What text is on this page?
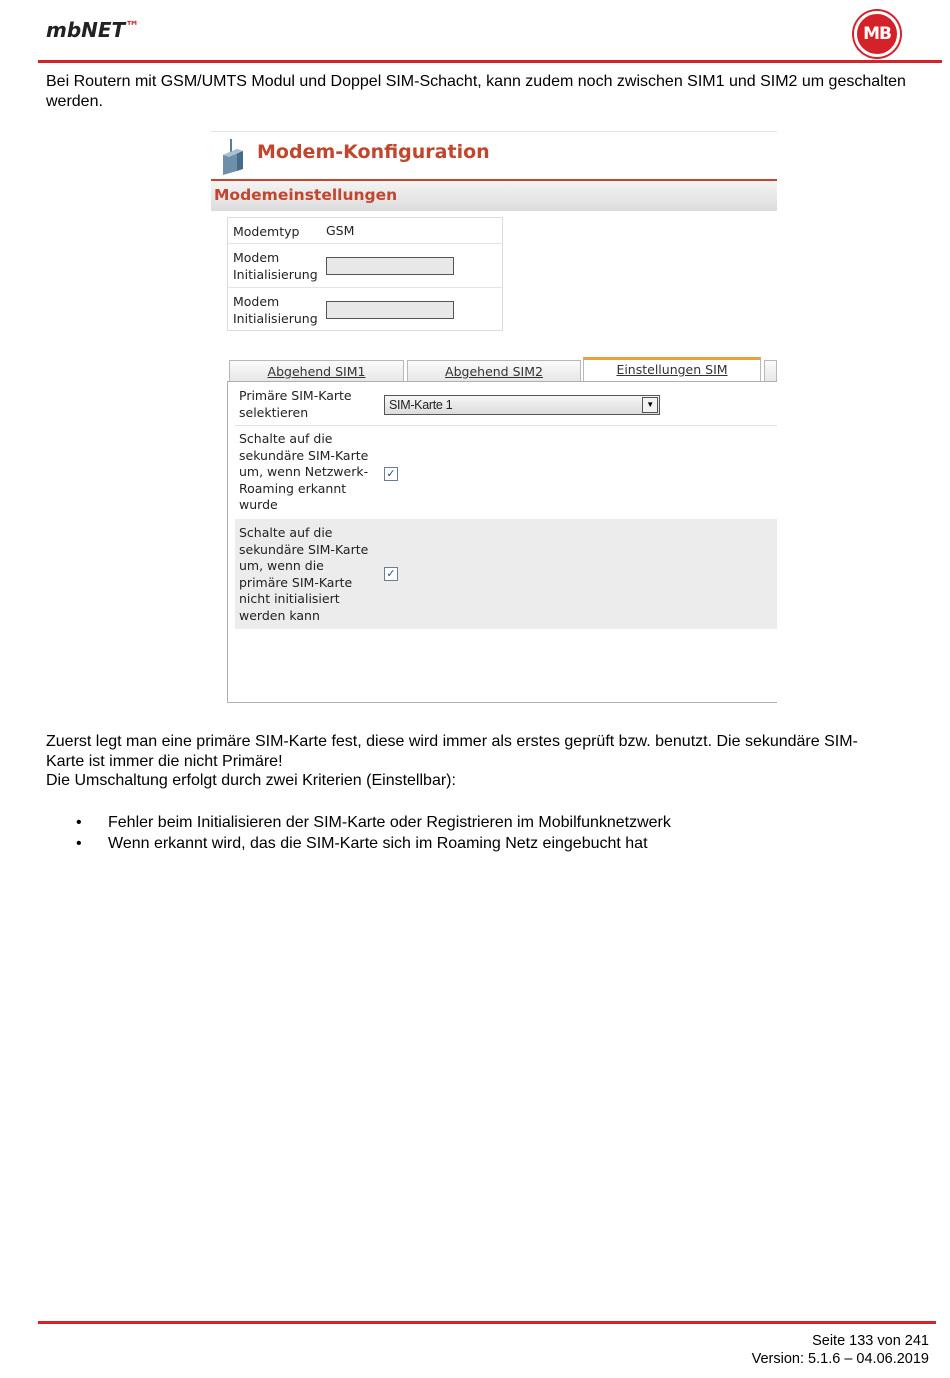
mbNET™	MB

Bei Routern mit GSM/UMTS Modul und Doppel SIM-Schacht, kann zudem noch zwischen SIM1 und SIM2 um geschalten werden.

Modem-Konfiguration
Modemeinstellungen
Modemtyp GSM
Modem
Initialisierung
Modem
Initialisierung
Abgehend SIM1	Abgehend SIM2	Einstellungen SIM
Primäre SIM-Karte
selektieren	SIM-Karte 1	▼
Schalte auf die
sekundäre SIM-Karte
um, wenn Netzwerk-
Roaming erkannt
wurde
✓
Schalte auf die
sekundäre SIM-Karte
um, wenn die
primäre SIM-Karte
nicht initialisiert
werden kann
✓

Zuerst legt man eine primäre SIM-Karte fest, diese wird immer als erstes geprüft bzw. benutzt. Die sekundäre SIM-
Karte ist immer die nicht Primäre!
Die Umschaltung erfolgt durch zwei Kriterien (Einstellbar):

• Fehler beim Initialisieren der SIM-Karte oder Registrieren im Mobilfunknetzwerk
• Wenn erkannt wird, das die SIM-Karte sich im Roaming Netz eingebucht hat
Seite 133 von 241
Version: 5.1.6 – 04.06.2019
